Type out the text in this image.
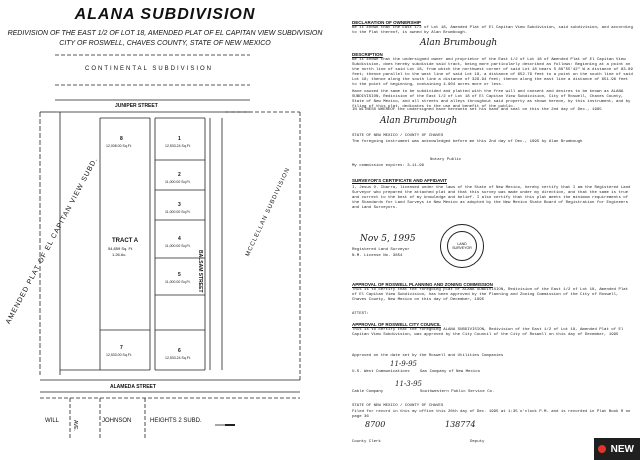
ALANA SUBDIVISION
REDIVISION OF THE EAST 1/2 OF LOT 18, AMENDED PLAT OF EL CAPITAN VIEW SUBDIVISION
CITY OF ROSWELL, CHAVES COUNTY, STATE OF NEW MEXICO
CONTINENTAL SUBDIVISION
JUNIPER STREET
ALAMEDA STREET
BALSAM STREET
MCCLELLAN SUBDIVISION
AMENDED PLAT OF EL CAPITAN VIEW SUBD.
WILL	JOHNSON	HEIGHTS 2 SUBD.
AVE.
TRACT A
54,859 Sq. Ft.
1.26 Ac.
1
12,533.24 Sq.Ft.
2
11,000.00 Sq.Ft.
3
11,000.00 Sq.Ft.
4
11,000.00 Sq.Ft.
5
11,000.00 Sq.Ft.
6
12,533.24 Sq.Ft.
7
12,533.00 Sq.Ft.
8
12,008.00 Sq.Ft.
DECLARATION OF OWNERSHIP
Be it known that the East 1/2 of Lot 18, Amended Plat of El Capitan View Subdivision, said subdivision, and according to the Plat thereof, is owned by Alan Brumbough.
Alan Brumbough
DESCRIPTION
Be it known that the undersigned owner and proprietor of the East 1/2 of Lot 18 of Amended Plat of El Capitan View Subdivision, does hereby subdivide said tract, being more particularly described as follows: Beginning at a point on the north line of said Lot 18, from which the northwest corner of said Lot 18 bears S 89°55'42" W a distance of 83.89 feet; thence parallel to the west line of said Lot 18, a distance of 652.79 feet to a point on the south line of said Lot 18; thence along the south line a distance of 329.94 feet; thence along the east line a distance of 651.96 feet to the point of beginning, containing 4.904 acres more or less.
Have caused the same to be subdivided and platted with the free will and consent and desires to be known as ALANA SUBDIVISION, Redivision of the East 1/2 of Lot 18 of El Capitan View Subdivision, City of Roswell, Chaves County, State of New Mexico, and all streets and alleys throughout said property as shown hereon, by this instrument, and by filing of this plat, dedicates to the use and benefit of the public.
IN WITNESS WHEREOF the undersigned have hereunto set his hand and seal on this the 2nd day of Dec., 1995
Alan Brumbough
STATE OF NEW MEXICO / COUNTY OF CHAVES
The foregoing instrument was acknowledged before me this 2nd day of Dec., 1995 by Alan Brumbough
Notary Public
My commission expires: 3-11-99
SURVEYOR'S CERTIFICATE AND AFFIDAVIT
I, Jesus O. Ibarra, licensed under the laws of the State of New Mexico, hereby certify that I am the Registered Land Surveyor who prepared the attached plat and that this survey was made under my direction, and that the same is true and correct to the best of my knowledge and belief. I also certify that this plat meets the minimum requirements of the Standards for Land Surveys in New Mexico as adopted by the New Mexico State Board of Registration for Engineers and Land Surveyors.
Nov 5, 1995
Registered Land Surveyor
N.M. License No. 3854
LAND SURVEYOR
APPROVAL OF ROSWELL PLANNING AND ZONING COMMISSION
This is to certify that the foregoing plat of ALANA SUBDIVISION, Redivision of the East 1/2 of Lot 18, Amended Plat of El Capitan View Subdivision, has been approved by the Planning and Zoning Commission of the City of Roswell, Chaves County, New Mexico on this day of December, 1995
ATTEST:
APPROVAL OF ROSWELL CITY COUNCIL
This is to certify that the foregoing ALANA SUBDIVISION, Redivision of the East 1/2 of Lot 18, Amended Plat of El Capitan View Subdivision, was approved by the City Council of the City of Roswell on this day of December, 1995
Approved on the date set by the Roswell and Utilities Companies
U.S. West Communications	Gas Company of New Mexico
Cable Company	Southwestern Public Service Co.
11-9-95
11-3-95
STATE OF NEW MEXICO / COUNTY OF CHAVES
Filed for record in this my office this 20th day of Dec. 1995 at 1:35 o'clock P.M. and is recorded in Plat Book R on page 36
8700	138774
County Clerk	Deputy
NEW
